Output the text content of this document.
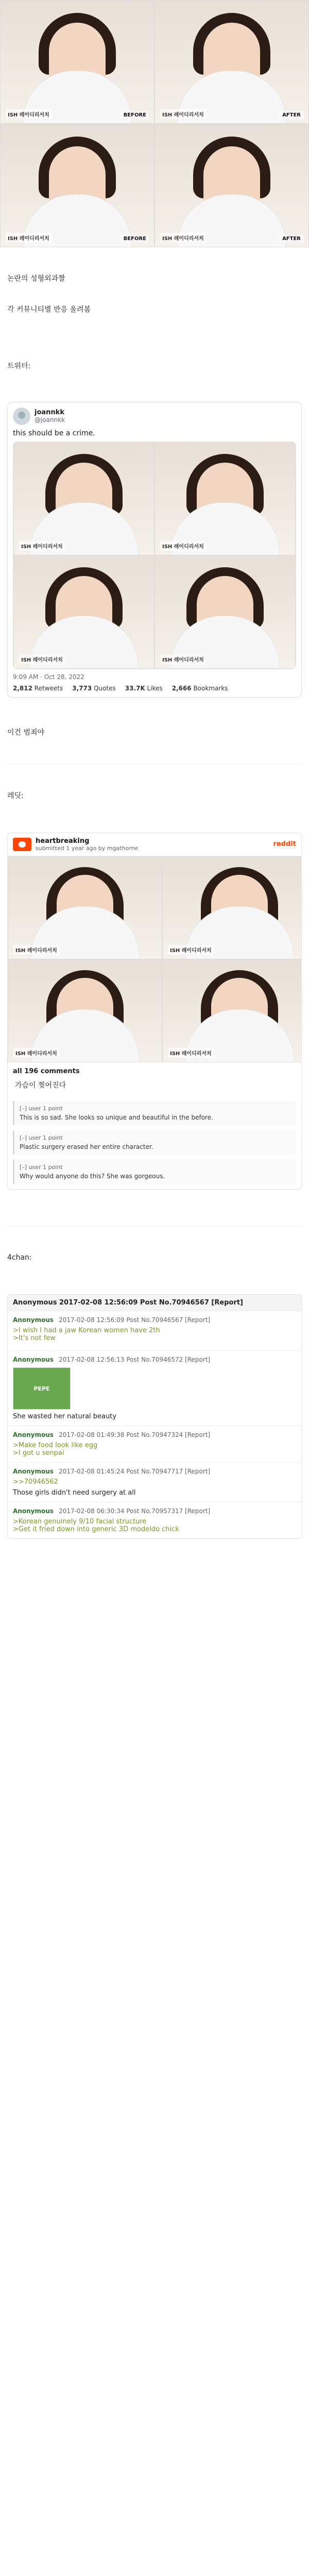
ISH 레이디리서치	BEFORE	ISH 레이디리서치	AFTER
ISH 레이디리서치	BEFORE	ISH 레이디리서치	AFTER

논란의 성형외과짤

각 커뮤니티별 반응 올려봄

트위터:

joannkk
@joannkk
this should be a crime.
ISH 레이디리서치	ISH 레이디리서치
ISH 레이디리서치	ISH 레이디리서치
9:09 AM · Oct 28, 2022
2,812 Retweets 3,773 Quotes 33.7K Likes 2,666 Bookmarks

이건 범죄야

레딧:

heartbreaking
submitted 1 year ago by mgathorne	reddit
ISH 레이디리서치	ISH 레이디리서치
ISH 레이디리서치	ISH 레이디리서치
all 196 comments
가슴이 찢어진다
[–] user 1 point
This is so sad. She looks so unique and beautiful in the before.
[–] user 1 point
Plastic surgery erased her entire character.
[–] user 1 point
Why would anyone do this? She was gorgeous.

4chan:

Anonymous 2017-02-08 12:56:09 Post No.70946567 [Report]
Anonymous 2017-02-08 12:56:09 Post No.70946567 [Report]
>I wish I had a jaw Korean women have 2th
>It's not few
Anonymous 2017-02-08 12:56:13 Post No.70946572 [Report]
PEPE
She wasted her natural beauty
Anonymous 2017-02-08 01:49:38 Post No.70947324 [Report]
>Make food look like egg
>I got u senpai
Anonymous 2017-02-08 01:45:24 Post No.70947717 [Report]
>>70946562
Those girls didn't need surgery at all
Anonymous 2017-02-08 06:30:34 Post No.70957317 [Report]
>Korean genuinely 9/10 facial structure
>Get it fried down into generic 3D modeldo chick
